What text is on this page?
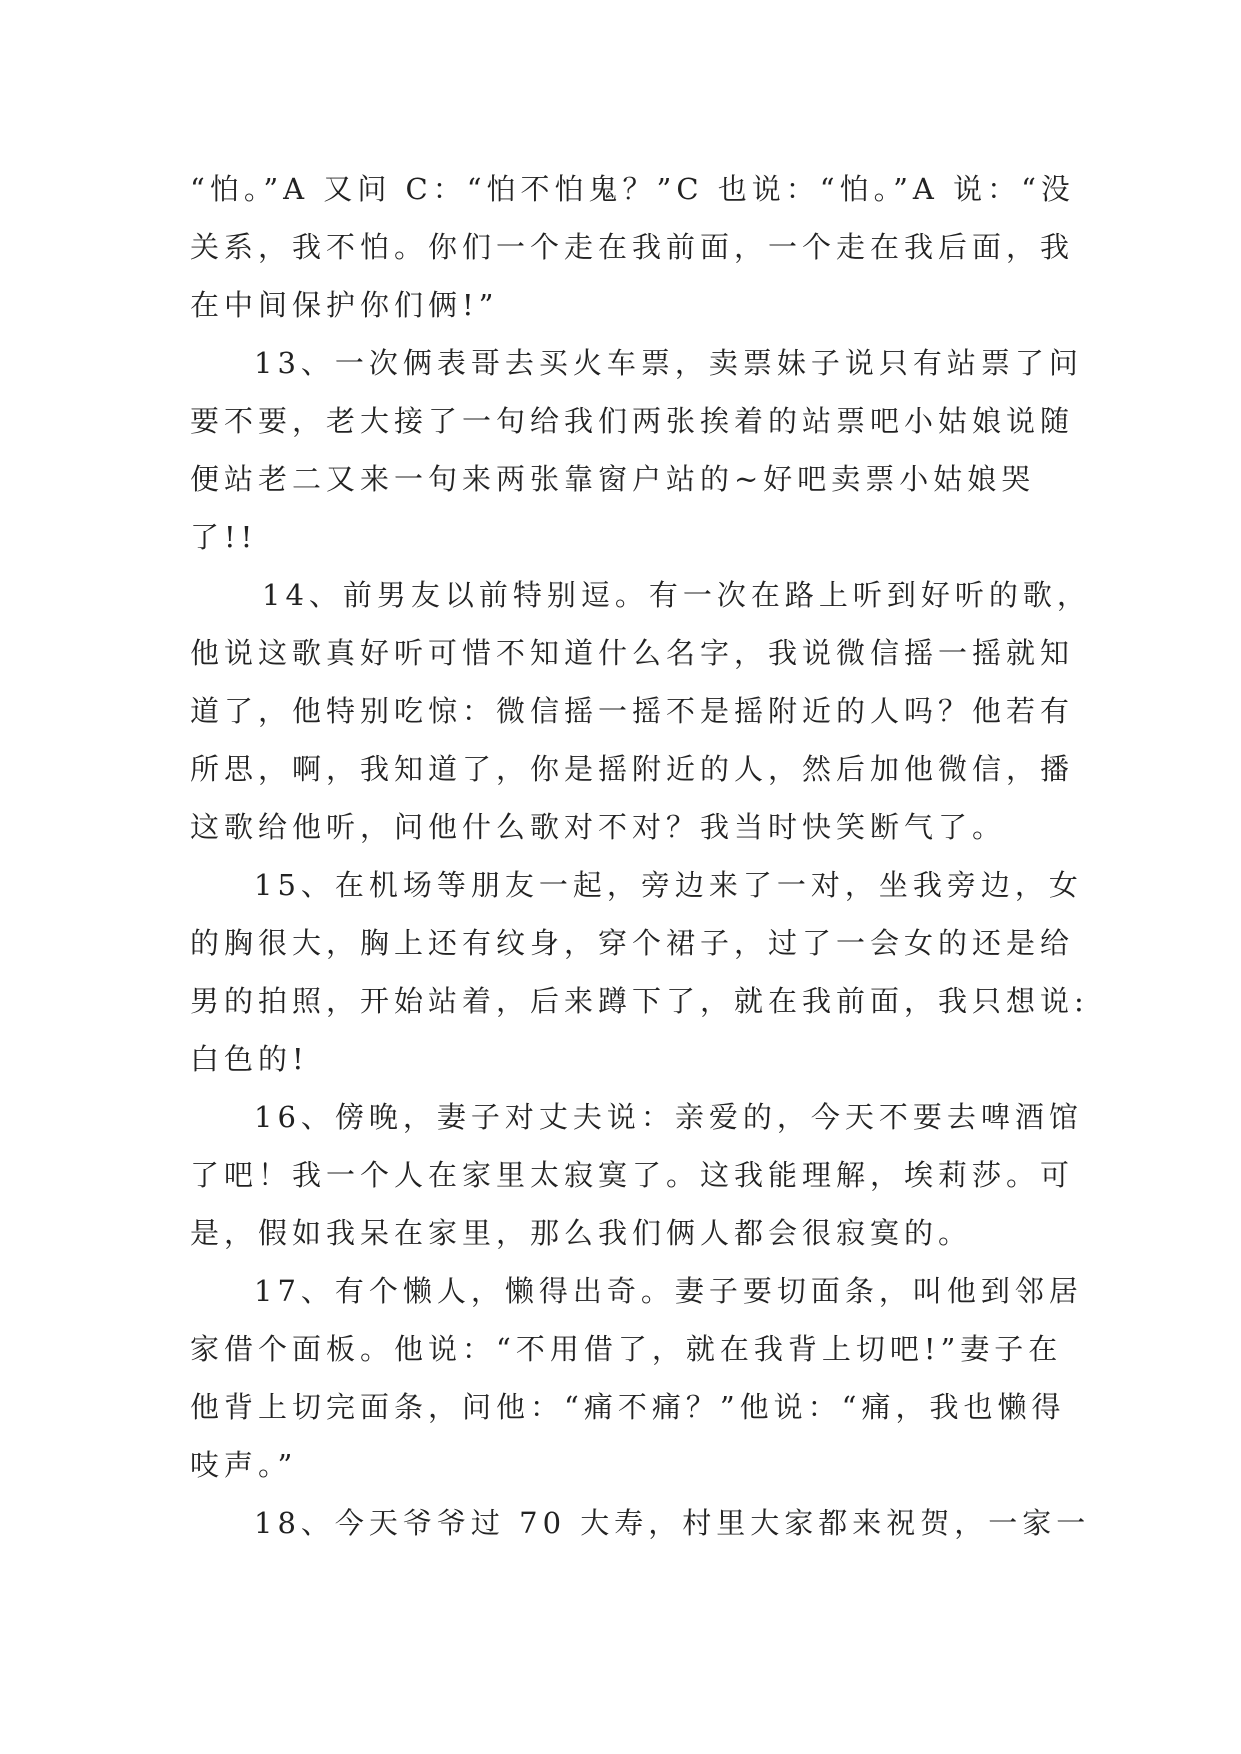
“怕。”A 又问 C：“怕不怕鬼？”C 也说：“怕。”A 说：“没
关系，我不怕。你们一个走在我前面，一个走在我后面，我
在中间保护你们俩!”
13、一次俩表哥去买火车票，卖票妹子说只有站票了问
要不要，老大接了一句给我们两张挨着的站票吧小姑娘说随
便站老二又来一句来两张靠窗户站的~好吧卖票小姑娘哭
了!!
14、前男友以前特别逗。有一次在路上听到好听的歌，
他说这歌真好听可惜不知道什么名字，我说微信摇一摇就知
道了，他特别吃惊：微信摇一摇不是摇附近的人吗？他若有
所思，啊，我知道了，你是摇附近的人，然后加他微信，播
这歌给他听，问他什么歌对不对？我当时快笑断气了。
15、在机场等朋友一起，旁边来了一对，坐我旁边，女
的胸很大，胸上还有纹身，穿个裙子，过了一会女的还是给
男的拍照，开始站着，后来蹲下了，就在我前面，我只想说:
白色的!
16、傍晚，妻子对丈夫说：亲爱的，今天不要去啤酒馆
了吧！我一个人在家里太寂寞了。这我能理解，埃莉莎。可
是，假如我呆在家里，那么我们俩人都会很寂寞的。
17、有个懒人，懒得出奇。妻子要切面条，叫他到邻居
家借个面板。他说：“不用借了，就在我背上切吧!”妻子在
他背上切完面条，问他：“痛不痛？”他说：“痛，我也懒得
吱声。”
18、今天爷爷过 70 大寿，村里大家都来祝贺，一家一
